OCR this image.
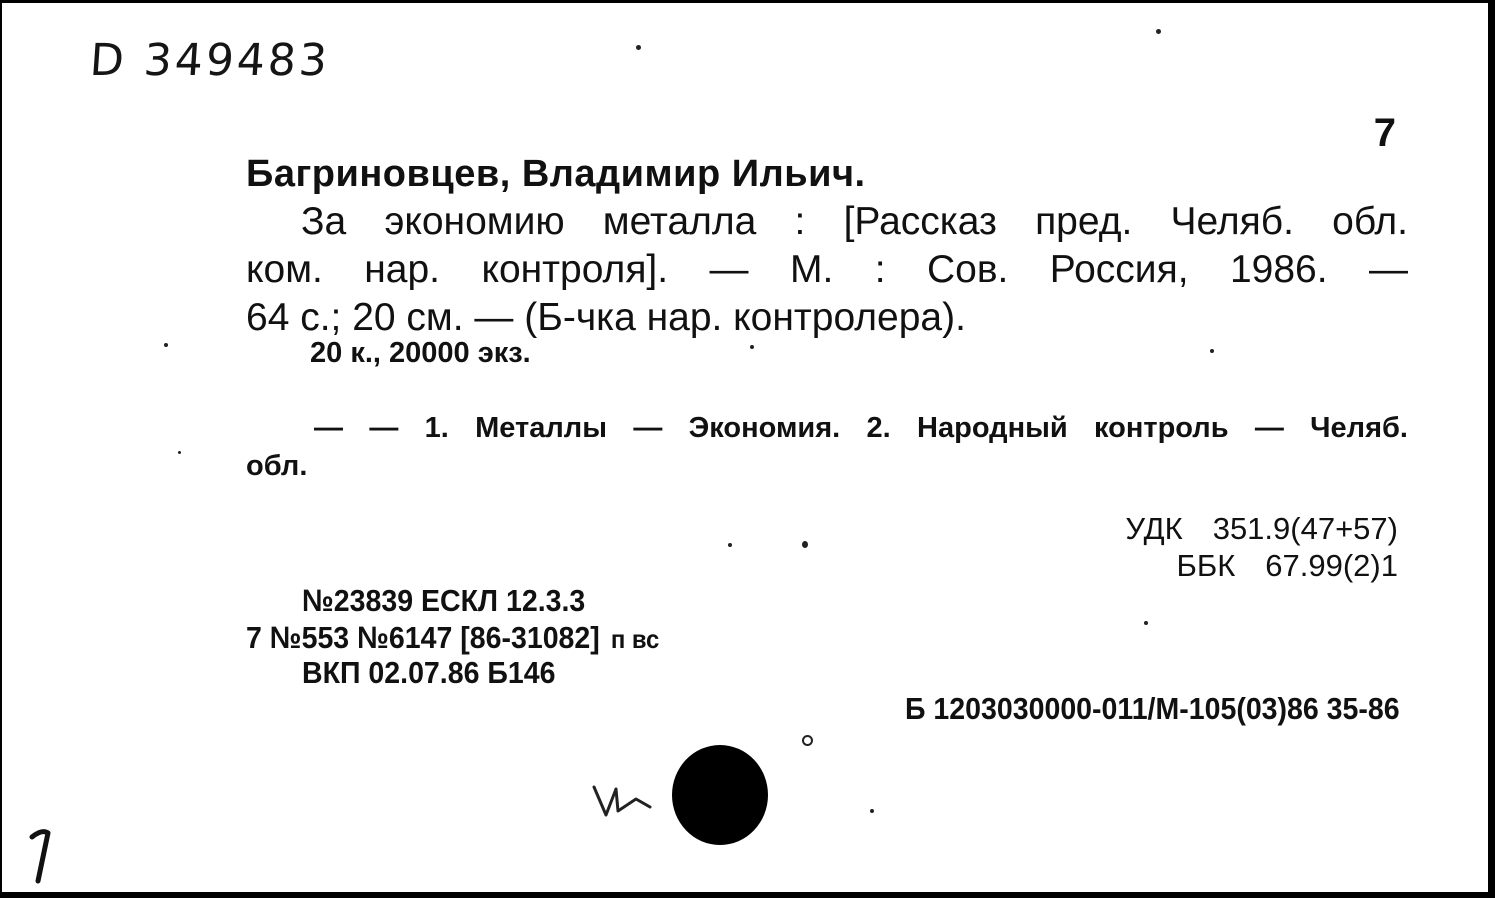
D 349483
7
Багриновцев, Владимир Ильич.
За экономию металла : [Рассказ пред. Челяб. обл.
ком. нар. контроля]. — М. : Сов. Россия, 1986. —
64 с.; 20 см. — (Б-чка нар. контролера).
20 к., 20000 экз.
— — 1. Металлы — Экономия. 2. Народный контроль — Челяб.
обл.
УДК 351.9(47+57)
ББК 67.99(2)1
№23839 ЕСКЛ 12.3.3
7 №553 №6147 [86-31082] п вс
ВКП 02.07.86 Б146
Б 1203030000-011/М-105(03)86 35-86
